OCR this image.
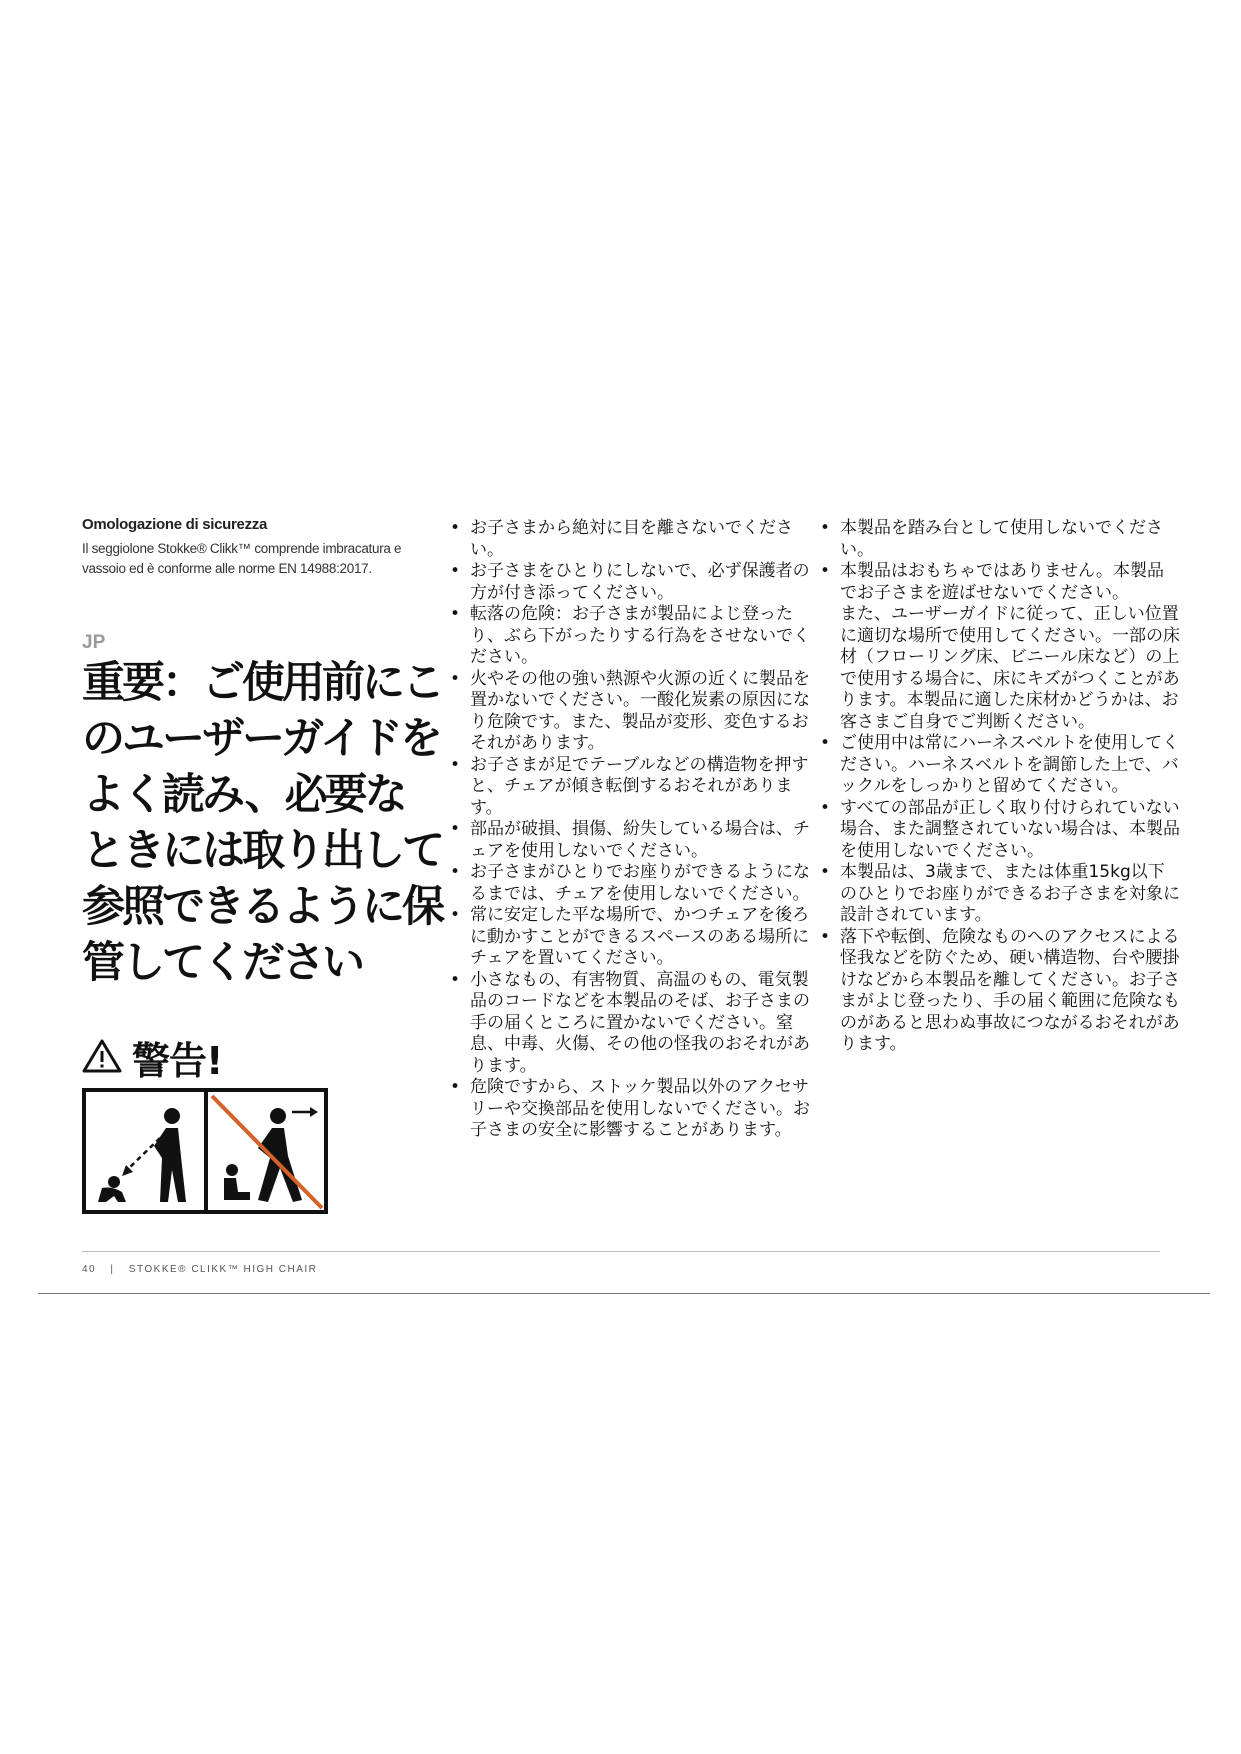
Omologazione di sicurezza

Il seggiolone Stokke® Clikk™ comprende imbracatura e vassoio ed è conforme alle norme EN 14988:2017.

JP
重要：ご使用前にこのユーザーガイドをよく読み、必要なときには取り出して参照できるように保管してください
警告!
• お子さまから絶対に目を離さないでください。
• お子さまをひとりにしないで、必ず保護者の方が付き添ってください。
• 転落の危険：お子さまが製品によじ登ったり、ぶら下がったりする行為をさせないでください。
• 火やその他の強い熱源や火源の近くに製品を置かないでください。一酸化炭素の原因になり危険です。また、製品が変形、変色するおそれがあります。
• お子さまが足でテーブルなどの構造物を押すと、チェアが傾き転倒するおそれがあります。
• 部品が破損、損傷、紛失している場合は、チェアを使用しないでください。
• お子さまがひとりでお座りができるようになるまでは、チェアを使用しないでください。
• 常に安定した平な場所で、かつチェアを後ろに動かすことができるスペースのある場所にチェアを置いてください。
• 小さなもの、有害物質、高温のもの、電気製品のコードなどを本製品のそば、お子さまの手の届くところに置かないでください。窒息、中毒、火傷、その他の怪我のおそれがあります。
• 危険ですから、ストッケ製品以外のアクセサリーや交換部品を使用しないでください。お子さまの安全に影響することがあります。
• 本製品を踏み台として使用しないでください。
• 本製品はおもちゃではありません。本製品でお子さまを遊ばせないでください。
また、ユーザーガイドに従って、正しい位置に適切な場所で使用してください。一部の床材（フローリング床、ビニール床など）の上で使用する場合に、床にキズがつくことがあります。本製品に適した床材かどうかは、お客さまご自身でご判断ください。
• ご使用中は常にハーネスベルトを使用してください。ハーネスベルトを調節した上で、バックルをしっかりと留めてください。
• すべての部品が正しく取り付けられていない場合、また調整されていない場合は、本製品を使用しないでください。
• 本製品は、3歳まで、または体重15kg以下のひとりでお座りができるお子さまを対象に設計されています。
• 落下や転倒、危険なものへのアクセスによる怪我などを防ぐため、硬い構造物、台や腰掛けなどから本製品を離してください。お子さまがよじ登ったり、手の届く範囲に危険なものがあると思わぬ事故につながるおそれがあります。
40 | STOKKE® CLIKK™ HIGH CHAIR
